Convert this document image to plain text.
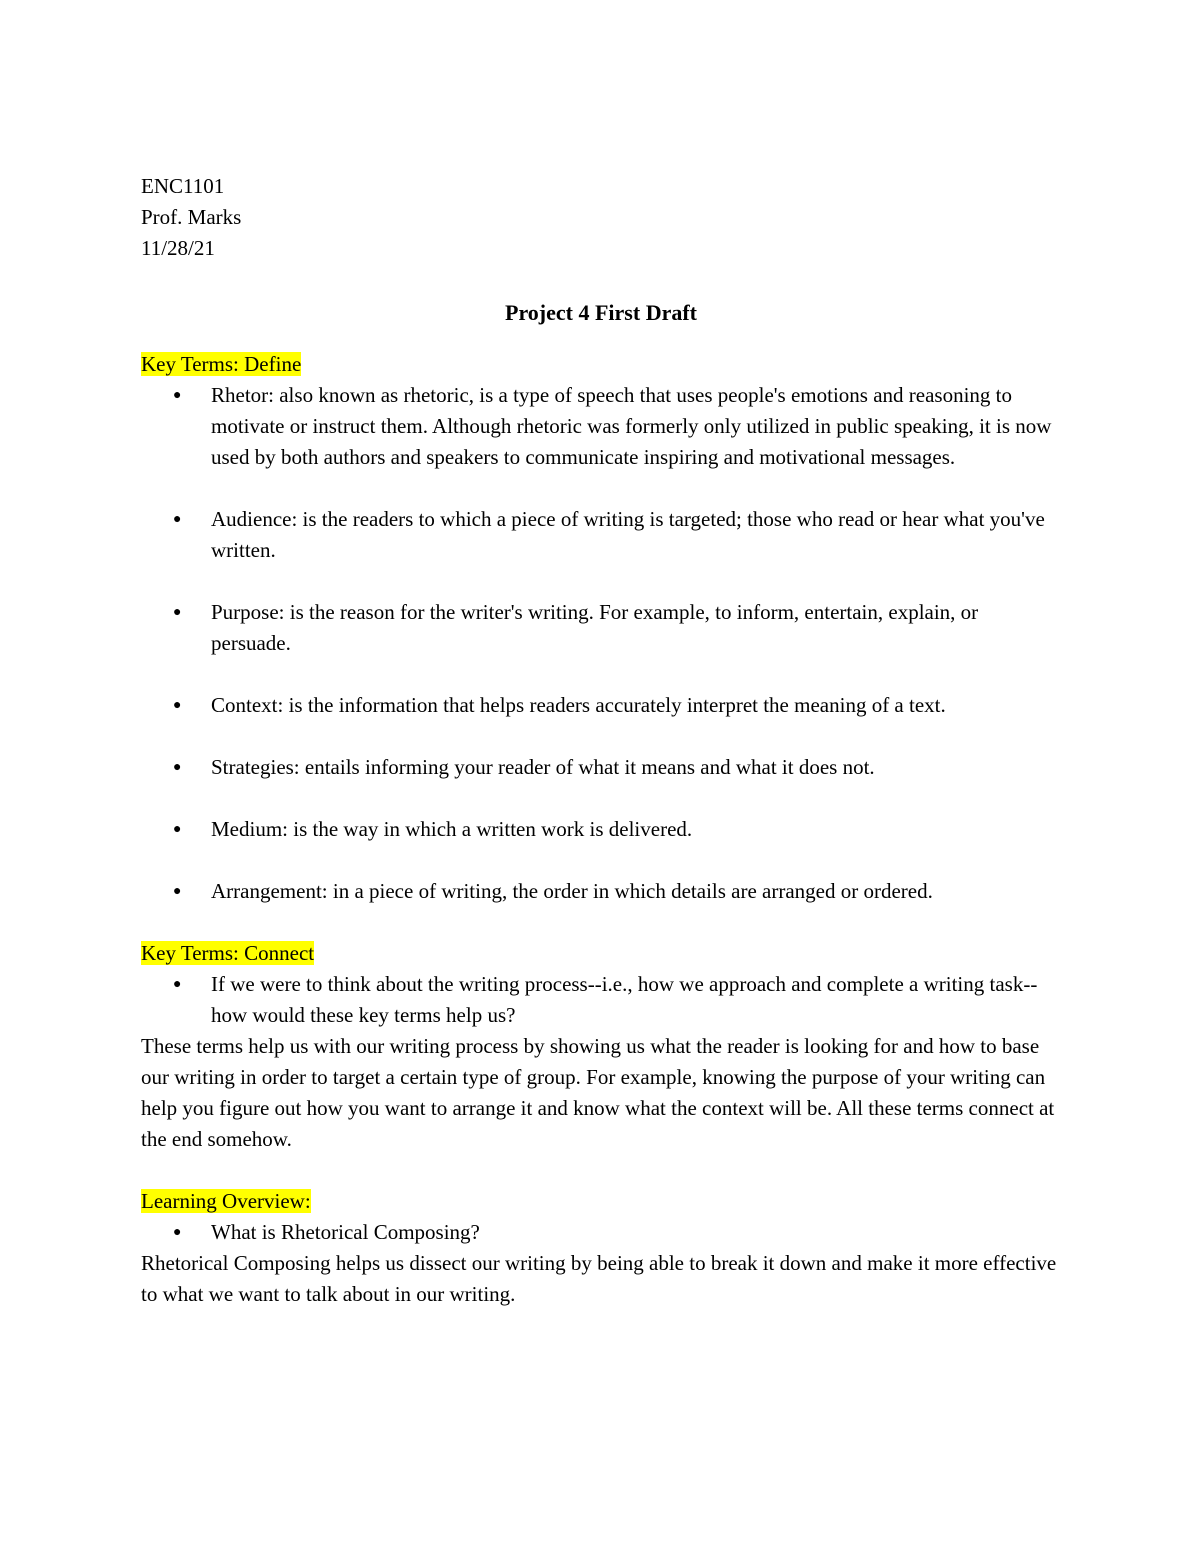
ENC1101
Prof. Marks
11/28/21
Project 4 First Draft

Key Terms: Define

● Rhetor: also known as rhetoric, is a type of speech that uses people's emotions and reasoning to motivate or instruct them. Although rhetoric was formerly only utilized in public speaking, it is now used by both authors and speakers to communicate inspiring and motivational messages.
● Audience: is the readers to which a piece of writing is targeted; those who read or hear what you've written.
● Purpose: is the reason for the writer's writing. For example, to inform, entertain, explain, or persuade.
● Context: is the information that helps readers accurately interpret the meaning of a text.
● Strategies: entails informing your reader of what it means and what it does not.
● Medium: is the way in which a written work is delivered.
● Arrangement: in a piece of writing, the order in which details are arranged or ordered.

Key Terms: Connect

● If we were to think about the writing process--i.e., how we approach and complete a writing task--how would these key terms help us?

These terms help us with our writing process by showing us what the reader is looking for and how to base our writing in order to target a certain type of group. For example, knowing the purpose of your writing can help you figure out how you want to arrange it and know what the context will be. All these terms connect at the end somehow.

Learning Overview:

● What is Rhetorical Composing?

Rhetorical Composing helps us dissect our writing by being able to break it down and make it more effective to what we want to talk about in our writing.
